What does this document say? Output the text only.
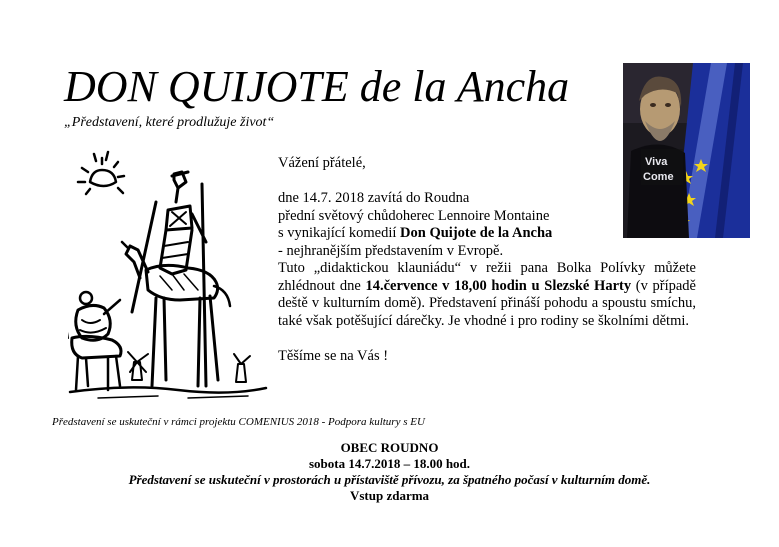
DON QUIJOTE de la Ancha

„Představení, které prodlužuje život“

Viva
Come

Vážení přátelé,

dne 14.7. 2018 zavítá do Roudna

přední světový chůdoherec Lennoire Montaine

s vynikající komedií Don Quijote de la Ancha

- nejhranějším představením v Evropě.

Tuto „didaktickou klauniádu“ v režii pana Bolka Polívky můžete zhlédnout dne 14.července v 18,00 hodin u Slezské Harty (v případě deště v kulturním domě). Představení přináší pohodu a spoustu smíchu, také však potěšující dárečky. Je vhodné i pro rodiny se školními dětmi.

Těšíme se na Vás !

Představení se uskuteční v rámci projektu COMENIUS 2018 - Podpora kultury s EU

OBEC ROUDNO
sobota 14.7.2018 – 18.00 hod.
Představení se uskuteční v prostorách u přístaviště přívozu, za špatného počasí v kulturním domě.
Vstup zdarma
